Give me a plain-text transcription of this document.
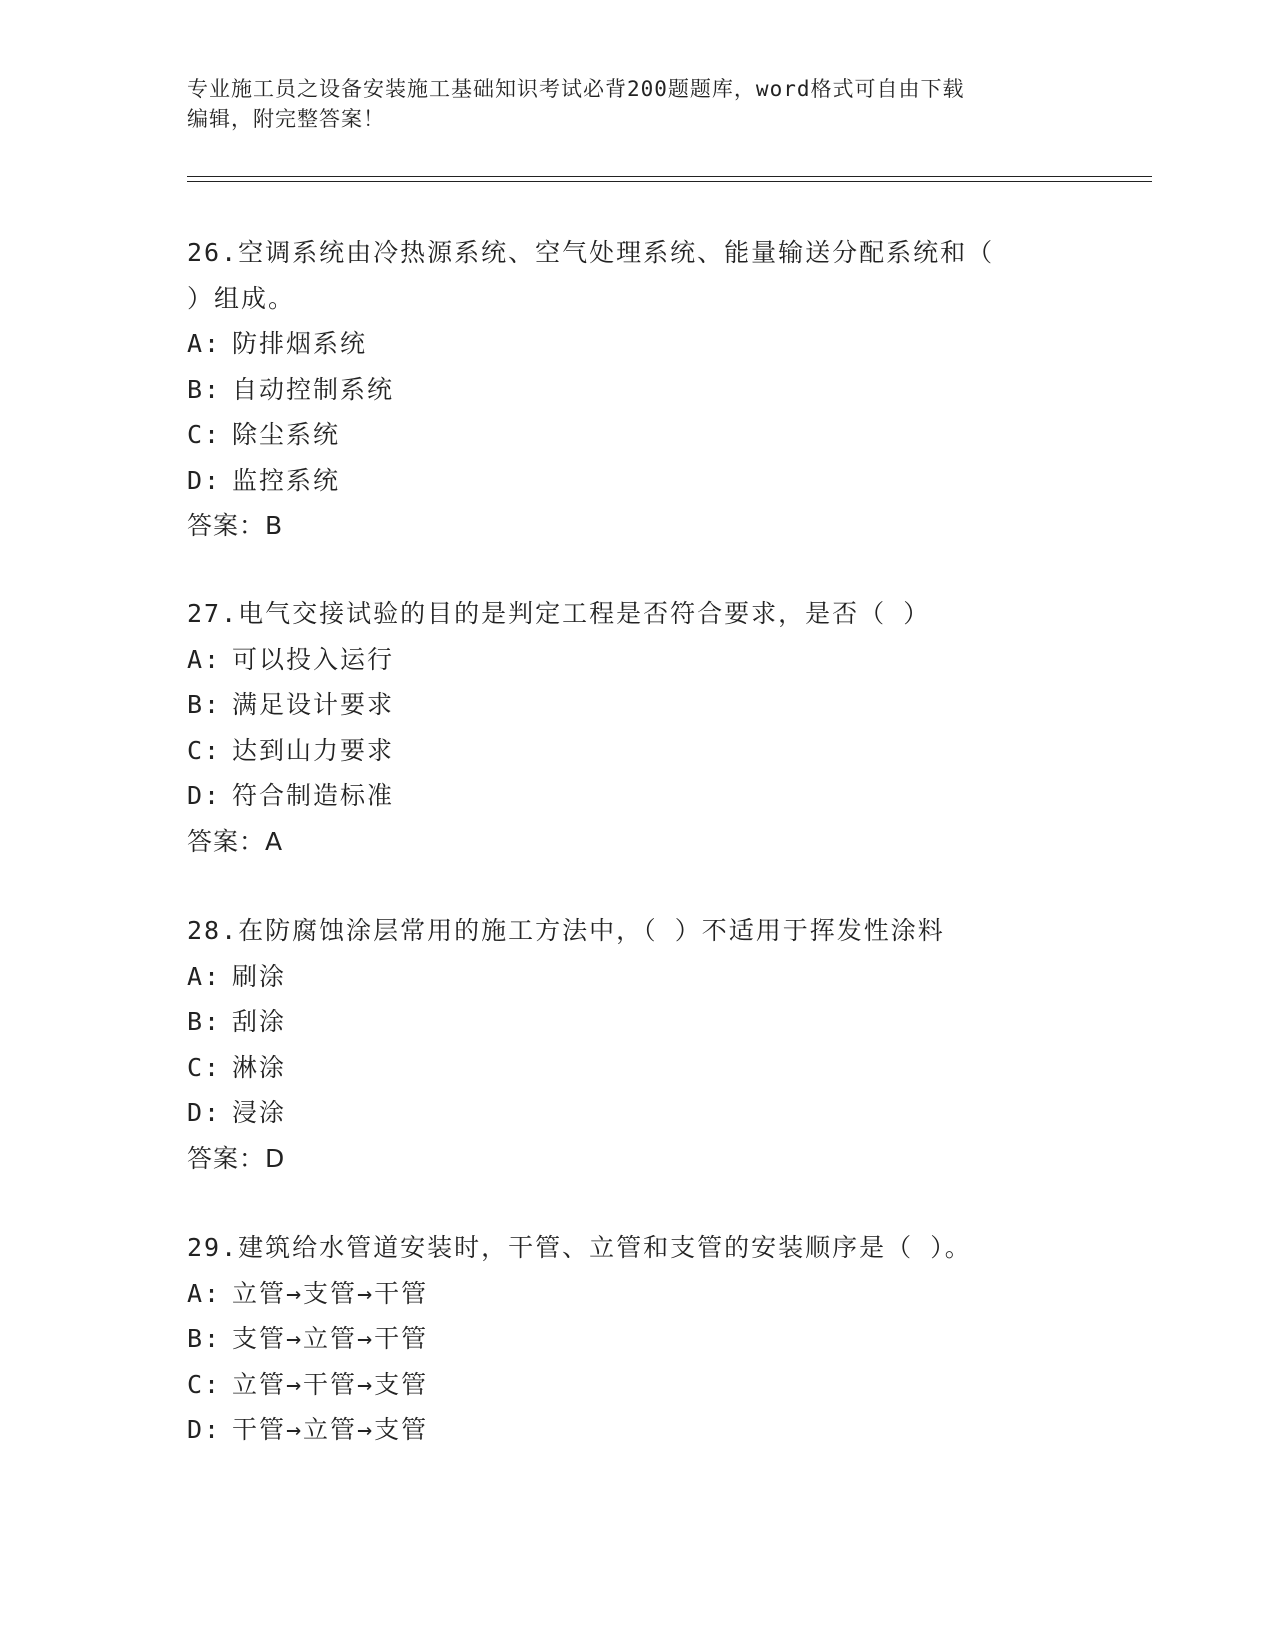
专业施工员之设备安装施工基础知识考试必背200题题库，word格式可自由下载
编辑，附完整答案！
26.空调系统由冷热源系统、空气处理系统、能量输送分配系统和（
）组成。
A: 防排烟系统
B: 自动控制系统
C: 除尘系统
D: 监控系统
答案：B
27.电气交接试验的目的是判定工程是否符合要求，是否（ ）
A: 可以投入运行
B: 满足设计要求
C: 达到山力要求
D: 符合制造标准
答案：A
28.在防腐蚀涂层常用的施工方法中，（ ）不适用于挥发性涂料
A: 刷涂
B: 刮涂
C: 淋涂
D: 浸涂
答案：D
29.建筑给水管道安装时，干管、立管和支管的安装顺序是（ ）。
A: 立管→支管→干管
B: 支管→立管→干管
C: 立管→干管→支管
D: 干管→立管→支管
